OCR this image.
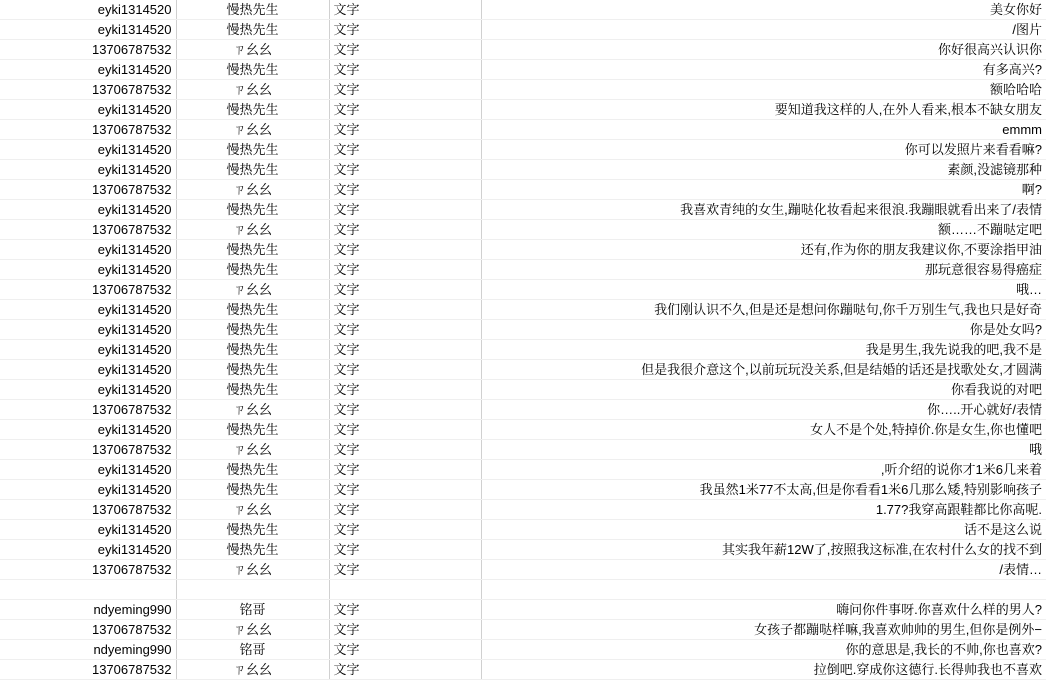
eyki1314520	慢热先生	文字	美女你好
eyki1314520	慢热先生	文字	/图片
13706787532	ㄗ幺幺	文字	你好很高兴认识你
eyki1314520	慢热先生	文字	有多高兴?
13706787532	ㄗ幺幺	文字	额哈哈哈
eyki1314520	慢热先生	文字	要知道我这样的人,在外人看来,根本不缺女朋友
13706787532	ㄗ幺幺	文字	emmm
eyki1314520	慢热先生	文字	你可以发照片来看看嘛?
eyki1314520	慢热先生	文字	素颜,没滤镜那种
13706787532	ㄗ幺幺	文字	啊?
eyki1314520	慢热先生	文字	我喜欢青纯的女生,蹦哒化妆看起来很浪.我蹦眼就看出来了/表情
13706787532	ㄗ幺幺	文字	额……不蹦哒定吧
eyki1314520	慢热先生	文字	还有,作为你的朋友我建议你,不要涂指甲油
eyki1314520	慢热先生	文字	那玩意很容易得癌症
13706787532	ㄗ幺幺	文字	哦…
eyki1314520	慢热先生	文字	我们刚认识不久,但是还是想问你蹦哒句,你千万别生气,我也只是好奇
eyki1314520	慢热先生	文字	你是处女吗?
eyki1314520	慢热先生	文字	我是男生,我先说我的吧,我不是
eyki1314520	慢热先生	文字	但是我很介意这个,以前玩玩没关系,但是结婚的话还是找歌处女,才圆满
eyki1314520	慢热先生	文字	你看我说的对吧
13706787532	ㄗ幺幺	文字	你…..开心就好/表情
eyki1314520	慢热先生	文字	女人不是个处,特掉价.你是女生,你也懂吧
13706787532	ㄗ幺幺	文字	哦
eyki1314520	慢热先生	文字	,听介绍的说你才1米6几来着
eyki1314520	慢热先生	文字	我虽然1米77不太高,但是你看看1米6几那么矮,特别影响孩子
13706787532	ㄗ幺幺	文字	1.77?我穿高跟鞋都比你高呢.
eyki1314520	慢热先生	文字	话不是这么说
eyki1314520	慢热先生	文字	其实我年薪12W了,按照我这标准,在农村什么女的找不到
13706787532	ㄗ幺幺	文字	/表情…

ndyeming990	铭哥	文字	嗨问你件事呀.你喜欢什么样的男人?
13706787532	ㄗ幺幺	文字	女孩子都蹦哒样嘛,我喜欢帅帅的男生,但你是例外−
ndyeming990	铭哥	文字	你的意思是,我长的不帅,你也喜欢?
13706787532	ㄗ幺幺	文字	拉倒吧.穿成你这德行.长得帅我也不喜欢
